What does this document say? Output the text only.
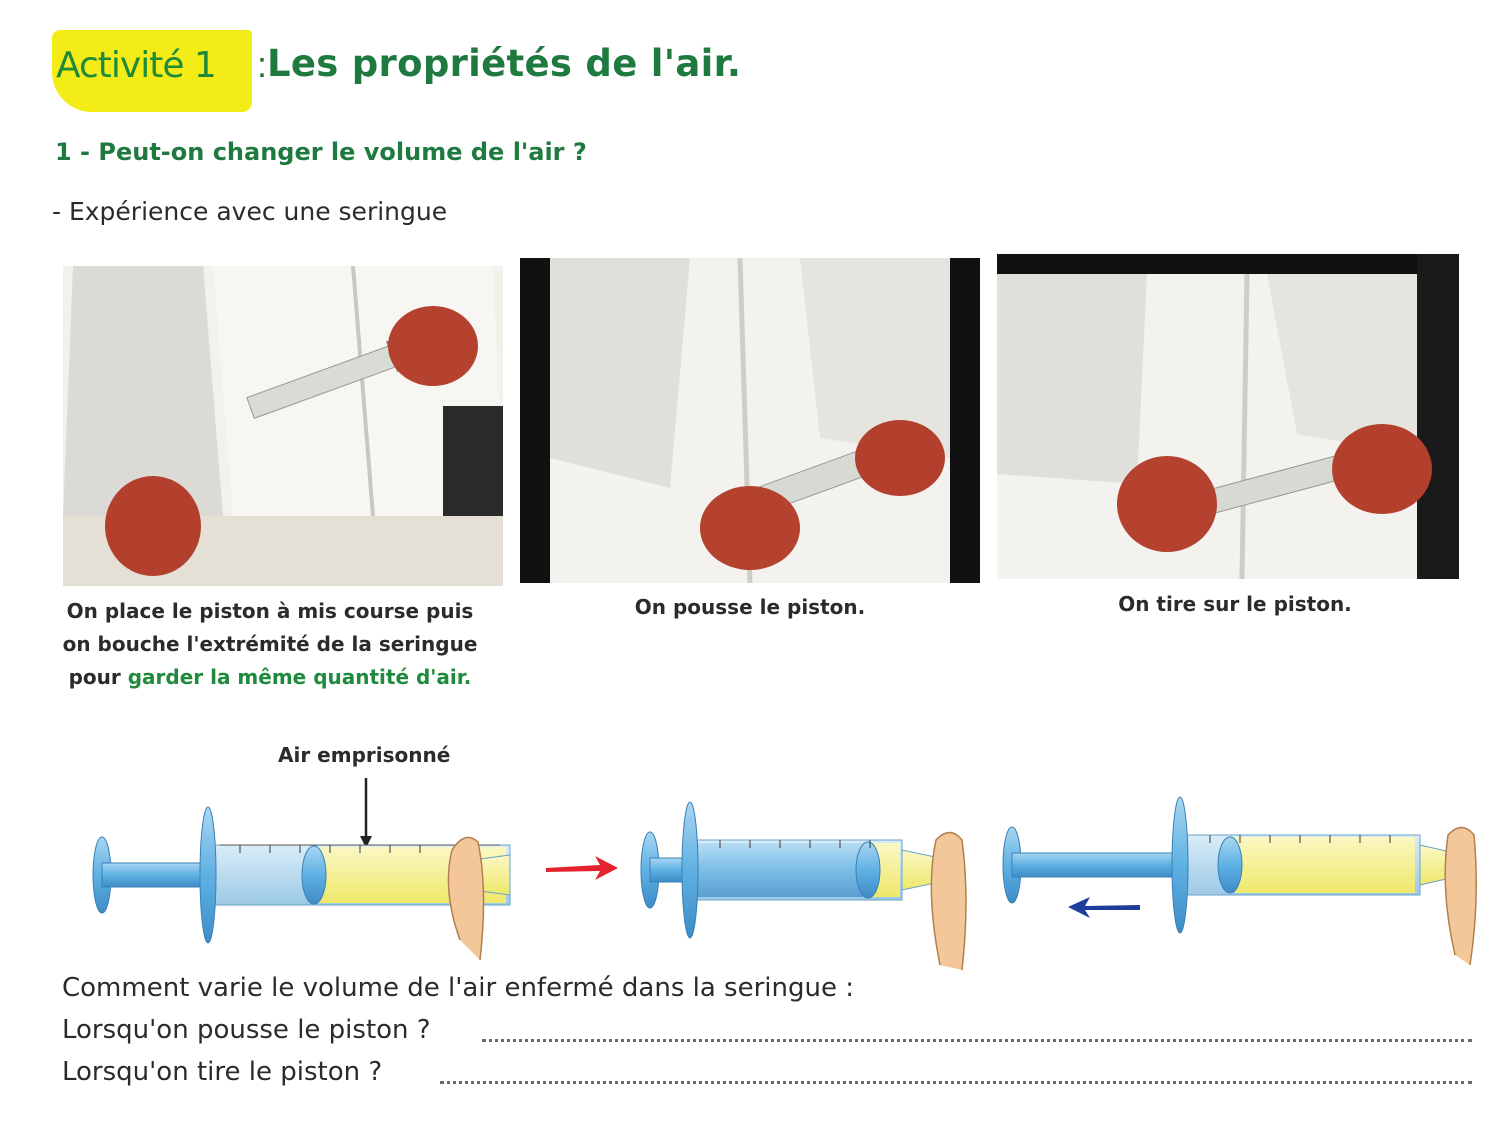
Activité 1	: Les propriétés de l'air.
1 - Peut-on changer le volume de l'air ?
- Expérience avec une seringue
On place le piston à mis course puis on bouche l'extrémité de la seringue pour garder la même quantité d'air.
On pousse le piston.	On tire sur le piston.
Air emprisonné
Comment varie le volume de l'air enfermé dans la seringue :
Lorsqu'on pousse le piston ?
Lorsqu'on tire le piston ?
